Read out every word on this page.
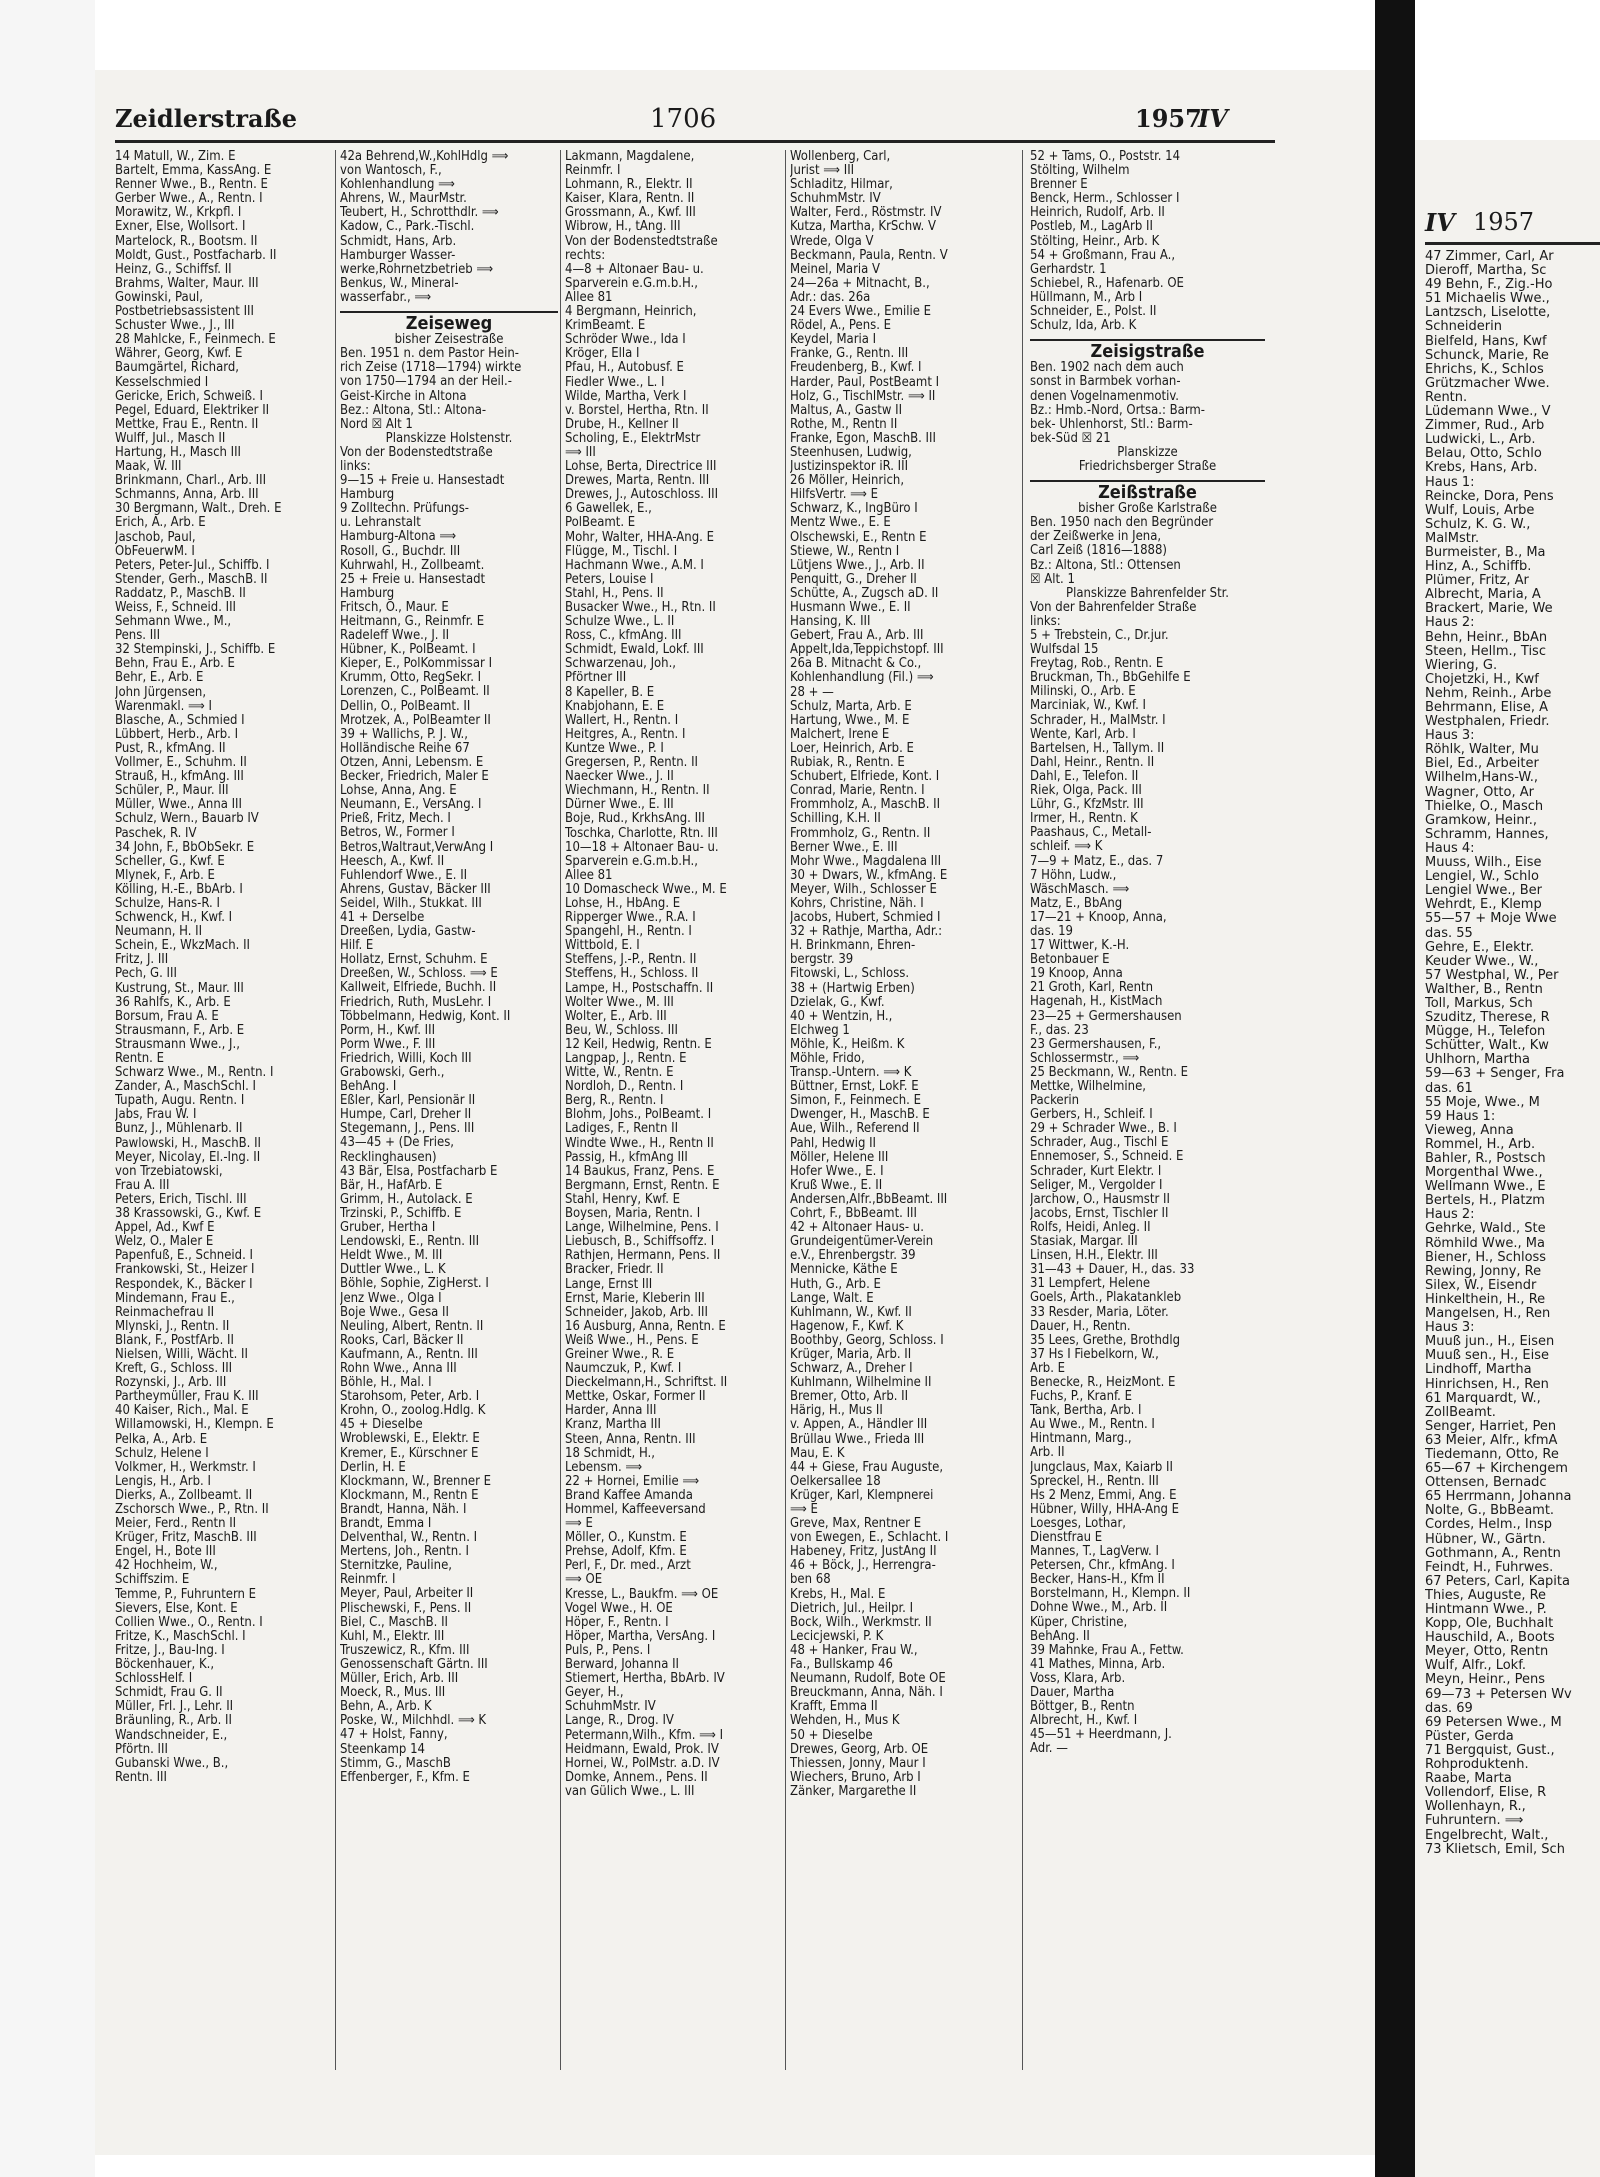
Zeidlerstraße	1706	1957
IV
14 Matull, W., Zim. E
Bartelt, Emma, KassAng. E
Renner Wwe., B., Rentn. E
Gerber Wwe., A., Rentn. I
Morawitz, W., Krkpfl. I
Exner, Else, Wollsort. I
Martelock, R., Bootsm. II
Moldt, Gust., Postfacharb. II
Heinz, G., Schiffsf. II
Brahms, Walter, Maur. III
Gowinski, Paul,
Postbetriebsassistent III
Schuster Wwe., J., III
28 Mahlcke, F., Feinmech. E
Währer, Georg, Kwf. E
Baumgärtel, Richard,
Kesselschmied I
Gericke, Erich, Schweiß. I
Pegel, Eduard, Elektriker II
Mettke, Frau E., Rentn. II
Wulff, Jul., Masch II
Hartung, H., Masch III
Maak, W. III
Brinkmann, Charl., Arb. III
Schmanns, Anna, Arb. III
30 Bergmann, Walt., Dreh. E
Erich, A., Arb. E
Jaschob, Paul,
ObFeuerwM. I
Peters, Peter-Jul., Schiffb. I
Stender, Gerh., MaschB. II
Raddatz, P., MaschB. II
Weiss, F., Schneid. III
Sehmann Wwe., M.,
Pens. III
32 Stempinski, J., Schiffb. E
Behn, Frau E., Arb. E
Behr, E., Arb. E
John Jürgensen,
Warenmakl. ⟹ I
Blasche, A., Schmied I
Lübbert, Herb., Arb. I
Pust, R., kfmAng. II
Vollmer, E., Schuhm. II
Strauß, H., kfmAng. III
Schüler, P., Maur. III
Müller, Wwe., Anna III
Schulz, Wern., Bauarb IV
Paschek, R. IV
34 John, F., BbObSekr. E
Scheller, G., Kwf. E
Mlynek, F., Arb. E
Kölling, H.-E., BbArb. I
Schulze, Hans-R. I
Schwenck, H., Kwf. I
Neumann, H. II
Schein, E., WkzMach. II
Fritz, J. III
Pech, G. III
Kustrung, St., Maur. III
36 Rahlfs, K., Arb. E
Borsum, Frau A. E
Strausmann, F., Arb. E
Strausmann Wwe., J.,
Rentn. E
Schwarz Wwe., M., Rentn. I
Zander, A., MaschSchl. I
Tupath, Augu. Rentn. I
Jabs, Frau W. I
Bunz, J., Mühlenarb. II
Pawlowski, H., MaschB. II
Meyer, Nicolay, El.-Ing. II
von Trzebiatowski,
Frau A. III
Peters, Erich, Tischl. III
38 Krassowski, G., Kwf. E
Appel, Ad., Kwf E
Welz, O., Maler E
Papenfuß, E., Schneid. I
Frankowski, St., Heizer I
Respondek, K., Bäcker I
Mindemann, Frau E.,
Reinmachefrau II
Mlynski, J., Rentn. II
Blank, F., PostfArb. II
Nielsen, Willi, Wächt. II
Kreft, G., Schloss. III
Rozynski, J., Arb. III
Partheymüller, Frau K. III
40 Kaiser, Rich., Mal. E
Willamowski, H., Klempn. E
Pelka, A., Arb. E
Schulz, Helene I
Volkmer, H., Werkmstr. I
Lengis, H., Arb. I
Dierks, A., Zollbeamt. II
Zschorsch Wwe., P., Rtn. II
Meier, Ferd., Rentn II
Krüger, Fritz, MaschB. III
Engel, H., Bote III
42 Hochheim, W.,
Schiffszim. E
Temme, P., Fuhruntern E
Sievers, Else, Kont. E
Collien Wwe., O., Rentn. I
Fritze, K., MaschSchl. I
Fritze, J., Bau-Ing. I
Böckenhauer, K.,
SchlossHelf. I
Schmidt, Frau G. II
Müller, Frl. J., Lehr. II
Bräunling, R., Arb. II
Wandschneider, E.,
Pförtn. III
Gubanski Wwe., B.,
Rentn. III
42a Behrend,W.,KohlHdlg ⟹
von Wantosch, F.,
Kohlenhandlung ⟹
Ahrens, W., MaurMstr.
Teubert, H., Schrotthdlr. ⟹
Kadow, C., Park.-Tischl.
Schmidt, Hans, Arb.
Hamburger Wasser-
werke,Rohrnetzbetrieb ⟹
Benkus, W., Mineral-
wasserfabr., ⟹
Zeiseweg
bisher Zeisestraße
Ben. 1951 n. dem Pastor Hein-
rich Zeise (1718—1794) wirkte
von 1750—1794 an der Heil.-
Geist-Kirche in Altona
Bez.: Altona, Stl.: Altona-
Nord ☒ Alt 1
Planskizze Holstenstr.
Von der Bodenstedtstraße
links:
9—15 + Freie u. Hansestadt
Hamburg
9 Zolltechn. Prüfungs-
u. Lehranstalt
Hamburg-Altona ⟹
Rosoll, G., Buchdr. III
Kuhrwahl, H., Zollbeamt.
25 + Freie u. Hansestadt
Hamburg
Fritsch, O., Maur. E
Heitmann, G., Reinmfr. E
Radeleff Wwe., J. II
Hübner, K., PolBeamt. I
Kieper, E., PolKommissar I
Krumm, Otto, RegSekr. I
Lorenzen, C., PolBeamt. II
Dellin, O., PolBeamt. II
Mrotzek, A., PolBeamter II
39 + Wallichs, P. J. W.,
Holländische Reihe 67
Otzen, Anni, Lebensm. E
Becker, Friedrich, Maler E
Lohse, Anna, Ang. E
Neumann, E., VersAng. I
Prieß, Fritz, Mech. I
Betros, W., Former I
Betros,Waltraut,VerwAng I
Heesch, A., Kwf. II
Fuhlendorf Wwe., E. II
Ahrens, Gustav, Bäcker III
Seidel, Wilh., Stukkat. III
41 + Derselbe
Dreeßen, Lydia, Gastw-
Hilf. E
Hollatz, Ernst, Schuhm. E
Dreeßen, W., Schloss. ⟹ E
Kallweit, Elfriede, Buchh. II
Friedrich, Ruth, MusLehr. I
Többelmann, Hedwig, Kont. II
Porm, H., Kwf. III
Porm Wwe., F. III
Friedrich, Willi, Koch III
Grabowski, Gerh.,
BehAng. I
Eßler, Karl, Pensionär II
Humpe, Carl, Dreher II
Stegemann, J., Pens. III
43—45 + (De Fries,
Recklinghausen)
43 Bär, Elsa, Postfacharb E
Bär, H., HafArb. E
Grimm, H., Autolack. E
Trzinski, P., Schiffb. E
Gruber, Hertha I
Lendowski, E., Rentn. III
Heldt Wwe., M. III
Duttler Wwe., L. K
Böhle, Sophie, ZigHerst. I
Jenz Wwe., Olga I
Boje Wwe., Gesa II
Neuling, Albert, Rentn. II
Rooks, Carl, Bäcker II
Kaufmann, A., Rentn. III
Rohn Wwe., Anna III
Böhle, H., Mal. I
Starohsom, Peter, Arb. I
Krohn, O., zoolog.Hdlg. K
45 + Dieselbe
Wroblewski, E., Elektr. E
Kremer, E., Kürschner E
Derlin, H. E
Klockmann, W., Brenner E
Klockmann, M., Rentn E
Brandt, Hanna, Näh. I
Brandt, Emma I
Delventhal, W., Rentn. I
Mertens, Joh., Rentn. I
Sternitzke, Pauline,
Reinmfr. I
Meyer, Paul, Arbeiter II
Plischewski, F., Pens. II
Biel, C., MaschB. II
Kuhl, M., Elektr. III
Truszewicz, R., Kfm. III
Genossenschaft Gärtn. III
Müller, Erich, Arb. III
Moeck, R., Mus. III
Behn, A., Arb. K
Poske, W., Milchhdl. ⟹ K
47 + Holst, Fanny,
Steenkamp 14
Stimm, G., MaschB
Effenberger, F., Kfm. E
Lakmann, Magdalene,
Reinmfr. I
Lohmann, R., Elektr. II
Kaiser, Klara, Rentn. II
Grossmann, A., Kwf. III
Wibrow, H., tAng. III
Von der Bodenstedtstraße
rechts:
4—8 + Altonaer Bau- u.
Sparverein e.G.m.b.H.,
Allee 81
4 Bergmann, Heinrich,
KrimBeamt. E
Schröder Wwe., Ida I
Kröger, Ella I
Pfau, H., Autobusf. E
Fiedler Wwe., L. I
Wilde, Martha, Verk I
v. Borstel, Hertha, Rtn. II
Drube, H., Kellner II
Scholing, E., ElektrMstr
⟹ III
Lohse, Berta, Directrice III
Drewes, Marta, Rentn. III
Drewes, J., Autoschloss. III
6 Gawellek, E.,
PolBeamt. E
Mohr, Walter, HHA-Ang. E
Flügge, M., Tischl. I
Hachmann Wwe., A.M. I
Peters, Louise I
Stahl, H., Pens. II
Busacker Wwe., H., Rtn. II
Schulze Wwe., L. II
Ross, C., kfmAng. III
Schmidt, Ewald, Lokf. III
Schwarzenau, Joh.,
Pförtner III
8 Kapeller, B. E
Knabjohann, E. E
Wallert, H., Rentn. I
Heitgres, A., Rentn. I
Kuntze Wwe., P. I
Gregersen, P., Rentn. II
Naecker Wwe., J. II
Wiechmann, H., Rentn. II
Dürner Wwe., E. III
Boje, Rud., KrkhsAng. III
Toschka, Charlotte, Rtn. III
10—18 + Altonaer Bau- u.
Sparverein e.G.m.b.H.,
Allee 81
10 Domascheck Wwe., M. E
Lohse, H., HbAng. E
Ripperger Wwe., R.A. I
Spangehl, H., Rentn. I
Wittbold, E. I
Steffens, J.-P., Rentn. II
Steffens, H., Schloss. II
Lampe, H., Postschaffn. II
Wolter Wwe., M. III
Wolter, E., Arb. III
Beu, W., Schloss. III
12 Keil, Hedwig, Rentn. E
Langpap, J., Rentn. E
Witte, W., Rentn. E
Nordloh, D., Rentn. I
Berg, R., Rentn. I
Blohm, Johs., PolBeamt. I
Ladiges, F., Rentn II
Windte Wwe., H., Rentn II
Passig, H., kfmAng III
14 Baukus, Franz, Pens. E
Bergmann, Ernst, Rentn. E
Stahl, Henry, Kwf. E
Boysen, Maria, Rentn. I
Lange, Wilhelmine, Pens. I
Liebusch, B., Schiffsoffz. I
Rathjen, Hermann, Pens. II
Bracker, Friedr. II
Lange, Ernst III
Ernst, Marie, Kleberin III
Schneider, Jakob, Arb. III
16 Ausburg, Anna, Rentn. E
Weiß Wwe., H., Pens. E
Greiner Wwe., R. E
Naumczuk, P., Kwf. I
Dieckelmann,H., Schriftst. II
Mettke, Oskar, Former II
Harder, Anna III
Kranz, Martha III
Steen, Anna, Rentn. III
18 Schmidt, H.,
Lebensm. ⟹
22 + Hornei, Emilie ⟹
Brand Kaffee Amanda
Hommel, Kaffeeversand
⟹ E
Möller, O., Kunstm. E
Prehse, Adolf, Kfm. E
Perl, F., Dr. med., Arzt
⟹ OE
Kresse, L., Baukfm. ⟹ OE
Vogel Wwe., H. OE
Höper, F., Rentn. I
Höper, Martha, VersAng. I
Puls, P., Pens. I
Berward, Johanna II
Stiemert, Hertha, BbArb. IV
Geyer, H.,
SchuhmMstr. IV
Lange, R., Drog. IV
Petermann,Wilh., Kfm. ⟹ I
Heidmann, Ewald, Prok. IV
Hornei, W., PolMstr. a.D. IV
Domke, Annem., Pens. II
van Gülich Wwe., L. III
Wollenberg, Carl,
Jurist ⟹ III
Schladitz, Hilmar,
SchuhmMstr. IV
Walter, Ferd., Röstmstr. IV
Kutza, Martha, KrSchw. V
Wrede, Olga V
Beckmann, Paula, Rentn. V
Meinel, Maria V
24—26a + Mitnacht, B.,
Adr.: das. 26a
24 Evers Wwe., Emilie E
Rödel, A., Pens. E
Keydel, Maria I
Franke, G., Rentn. III
Freudenberg, B., Kwf. I
Harder, Paul, PostBeamt I
Holz, G., TischlMstr. ⟹ II
Maltus, A., Gastw II
Rothe, M., Rentn II
Franke, Egon, MaschB. III
Steenhusen, Ludwig,
Justizinspektor iR. III
26 Möller, Heinrich,
HilfsVertr. ⟹ E
Schwarz, K., IngBüro I
Mentz Wwe., E. E
Olschewski, E., Rentn E
Stiewe, W., Rentn I
Lütjens Wwe., J., Arb. II
Penquitt, G., Dreher II
Schütte, A., Zugsch aD. II
Husmann Wwe., E. II
Hansing, K. III
Gebert, Frau A., Arb. III
Appelt,Ida,Teppichstopf. III
26a B. Mitnacht & Co.,
Kohlenhandlung (Fil.) ⟹
28 + —
Schulz, Marta, Arb. E
Hartung, Wwe., M. E
Malchert, Irene E
Loer, Heinrich, Arb. E
Rubiak, R., Rentn. E
Schubert, Elfriede, Kont. I
Conrad, Marie, Rentn. I
Frommholz, A., MaschB. II
Schilling, K.H. II
Frommholz, G., Rentn. II
Berner Wwe., E. III
Mohr Wwe., Magdalena III
30 + Dwars, W., kfmAng. E
Meyer, Wilh., Schlosser E
Kohrs, Christine, Näh. I
Jacobs, Hubert, Schmied I
32 + Rathje, Martha, Adr.:
H. Brinkmann, Ehren-
bergstr. 39
Fitowski, L., Schloss.
38 + (Hartwig Erben)
Dzielak, G., Kwf.
40 + Wentzin, H.,
Elchweg 1
Möhle, K., Heißm. K
Möhle, Frido,
Transp.-Untern. ⟹ K
Büttner, Ernst, LokF. E
Simon, F., Feinmech. E
Dwenger, H., MaschB. E
Aue, Wilh., Referend II
Pahl, Hedwig II
Möller, Helene III
Hofer Wwe., E. I
Kruß Wwe., E. II
Andersen,Alfr.,BbBeamt. III
Cohrt, F., BbBeamt. III
42 + Altonaer Haus- u.
Grundeigentümer-Verein
e.V., Ehrenbergstr. 39
Mennicke, Käthe E
Huth, G., Arb. E
Lange, Walt. E
Kuhlmann, W., Kwf. II
Hagenow, F., Kwf. K
Boothby, Georg, Schloss. I
Krüger, Maria, Arb. II
Schwarz, A., Dreher I
Kuhlmann, Wilhelmine II
Bremer, Otto, Arb. II
Härig, H., Mus II
v. Appen, A., Händler III
Brüllau Wwe., Frieda III
Mau, E. K
44 + Giese, Frau Auguste,
Oelkersallee 18
Krüger, Karl, Klempnerei
⟹ E
Greve, Max, Rentner E
von Ewegen, E., Schlacht. I
Habeney, Fritz, JustAng II
46 + Böck, J., Herrengra-
ben 68
Krebs, H., Mal. E
Dietrich, Jul., Heilpr. I
Bock, Wilh., Werkmstr. II
Lecicjewski, P. K
48 + Hanker, Frau W.,
Fa., Bullskamp 46
Neumann, Rudolf, Bote OE
Breuckmann, Anna, Näh. I
Krafft, Emma II
Wehden, H., Mus K
50 + Dieselbe
Drewes, Georg, Arb. OE
Thiessen, Jonny, Maur I
Wiechers, Bruno, Arb I
Zänker, Margarethe II
52 + Tams, O., Poststr. 14
Stölting, Wilhelm
Brenner E
Benck, Herm., Schlosser I
Heinrich, Rudolf, Arb. II
Postleb, M., LagArb II
Stölting, Heinr., Arb. K
54 + Großmann, Frau A.,
Gerhardstr. 1
Schiebel, R., Hafenarb. OE
Hüllmann, M., Arb I
Schneider, E., Polst. II
Schulz, Ida, Arb. K
Zeisigstraße
Ben. 1902 nach dem auch
sonst in Barmbek vorhan-
denen Vogelnamenmotiv.
Bz.: Hmb.-Nord, Ortsa.: Barm-
bek- Uhlenhorst, Stl.: Barm-
bek-Süd ☒ 21
Planskizze
Friedrichsberger Straße
Zeißstraße
bisher Große Karlstraße
Ben. 1950 nach den Begründer
der Zeißwerke in Jena,
Carl Zeiß (1816—1888)
Bz.: Altona, Stl.: Ottensen
☒ Alt. 1
Planskizze Bahrenfelder Str.
Von der Bahrenfelder Straße
links:
5 + Trebstein, C., Dr.jur.
Wulfsdal 15
Freytag, Rob., Rentn. E
Bruckman, Th., BbGehilfe E
Milinski, O., Arb. E
Marciniak, W., Kwf. I
Schrader, H., MalMstr. I
Wente, Karl, Arb. I
Bartelsen, H., Tallym. II
Dahl, Heinr., Rentn. II
Dahl, E., Telefon. II
Riek, Olga, Pack. III
Lühr, G., KfzMstr. III
Irmer, H., Rentn. K
Paashaus, C., Metall-
schleif. ⟹ K
7—9 + Matz, E., das. 7
7 Höhn, Ludw.,
WäschMasch. ⟹
Matz, E., BbAng
17—21 + Knoop, Anna,
das. 19
17 Wittwer, K.-H.
Betonbauer E
19 Knoop, Anna
21 Groth, Karl, Rentn
Hagenah, H., KistMach
23—25 + Germershausen
F., das. 23
23 Germershausen, F.,
Schlossermstr., ⟹
25 Beckmann, W., Rentn. E
Mettke, Wilhelmine,
Packerin
Gerbers, H., Schleif. I
29 + Schrader Wwe., B. I
Schrader, Aug., Tischl E
Ennemoser, S., Schneid. E
Schrader, Kurt Elektr. I
Seliger, M., Vergolder I
Jarchow, O., Hausmstr II
Jacobs, Ernst, Tischler II
Rolfs, Heidi, Anleg. II
Stasiak, Margar. III
Linsen, H.H., Elektr. III
31—43 + Dauer, H., das. 33
31 Lempfert, Helene
Goels, Arth., Plakatankleb
33 Resder, Maria, Löter.
Dauer, H., Rentn.
35 Lees, Grethe, Brothdlg
37 Hs I Fiebelkorn, W.,
Arb. E
Benecke, R., HeizMont. E
Fuchs, P., Kranf. E
Tank, Bertha, Arb. I
Au Wwe., M., Rentn. I
Hintmann, Marg.,
Arb. II
Jungclaus, Max, Kaiarb II
Spreckel, H., Rentn. III
Hs 2 Menz, Emmi, Ang. E
Hübner, Willy, HHA-Ang E
Loesges, Lothar,
Dienstfrau E
Mannes, T., LagVerw. I
Petersen, Chr., kfmAng. I
Becker, Hans-H., Kfm II
Borstelmann, H., Klempn. II
Dohne Wwe., M., Arb. II
Küper, Christine,
BehAng. II
39 Mahnke, Frau A., Fettw.
41 Mathes, Minna, Arb.
Voss, Klara, Arb.
Dauer, Martha
Böttger, B., Rentn
Albrecht, H., Kwf. I
45—51 + Heerdmann, J.
Adr. —
IV 1957
47 Zimmer, Carl, Ar
Dieroff, Martha, Sc
49 Behn, F., Zig.-Ho
51 Michaelis Wwe.,
Lantzsch, Liselotte,
Schneiderin
Bielfeld, Hans, Kwf
Schunck, Marie, Re
Ehrichs, K., Schlos
Grützmacher Wwe.
Rentn.
Lüdemann Wwe., V
Zimmer, Rud., Arb
Ludwicki, L., Arb.
Belau, Otto, Schlo
Krebs, Hans, Arb.
Haus 1:
Reincke, Dora, Pens
Wulf, Louis, Arbe
Schulz, K. G. W.,
MalMstr.
Burmeister, B., Ma
Hinz, A., Schiffb.
Plümer, Fritz, Ar
Albrecht, Maria, A
Brackert, Marie, We
Haus 2:
Behn, Heinr., BbAn
Steen, Hellm., Tisc
Wiering, G.
Chojetzki, H., Kwf
Nehm, Reinh., Arbe
Behrmann, Elise, A
Westphalen, Friedr.
Haus 3:
Röhlk, Walter, Mu
Biel, Ed., Arbeiter
Wilhelm,Hans-W.,
Wagner, Otto, Ar
Thielke, O., Masch
Gramkow, Heinr.,
Schramm, Hannes,
Haus 4:
Muuss, Wilh., Eise
Lengiel, W., Schlo
Lengiel Wwe., Ber
Wehrdt, E., Klemp
55—57 + Moje Wwe
das. 55
Gehre, E., Elektr.
Keuder Wwe., W.,
57 Westphal, W., Per
Walther, B., Rentn
Toll, Markus, Sch
Szuditz, Therese, R
Mügge, H., Telefon
Schütter, Walt., Kw
Uhlhorn, Martha
59—63 + Senger, Fra
das. 61
55 Moje, Wwe., M
59 Haus 1:
Vieweg, Anna
Rommel, H., Arb.
Bahler, R., Postsch
Morgenthal Wwe.,
Wellmann Wwe., E
Bertels, H., Platzm
Haus 2:
Gehrke, Wald., Ste
Römhild Wwe., Ma
Biener, H., Schloss
Rewing, Jonny, Re
Silex, W., Eisendr
Hinkelthein, H., Re
Mangelsen, H., Ren
Haus 3:
Muuß jun., H., Eisen
Muuß sen., H., Eise
Lindhoff, Martha
Hinrichsen, H., Ren
61 Marquardt, W.,
ZollBeamt.
Senger, Harriet, Pen
63 Meier, Alfr., kfmA
Tiedemann, Otto, Re
65—67 + Kirchengem
Ottensen, Bernadc
65 Herrmann, Johanna
Nolte, G., BbBeamt.
Cordes, Helm., Insp
Hübner, W., Gärtn.
Gothmann, A., Rentn
Feindt, H., Fuhrwes.
67 Peters, Carl, Kapita
Thies, Auguste, Re
Hintmann Wwe., P.
Kopp, Ole, Buchhalt
Hauschild, A., Boots
Meyer, Otto, Rentn
Wulf, Alfr., Lokf.
Meyn, Heinr., Pens
69—73 + Petersen Wv
das. 69
69 Petersen Wwe., M
Püster, Gerda
71 Bergquist, Gust.,
Rohproduktenh.
Raabe, Marta
Vollendorf, Elise, R
Wollenhayn, R.,
Fuhruntern. ⟹
Engelbrecht, Walt.,
73 Klietsch, Emil, Sch
